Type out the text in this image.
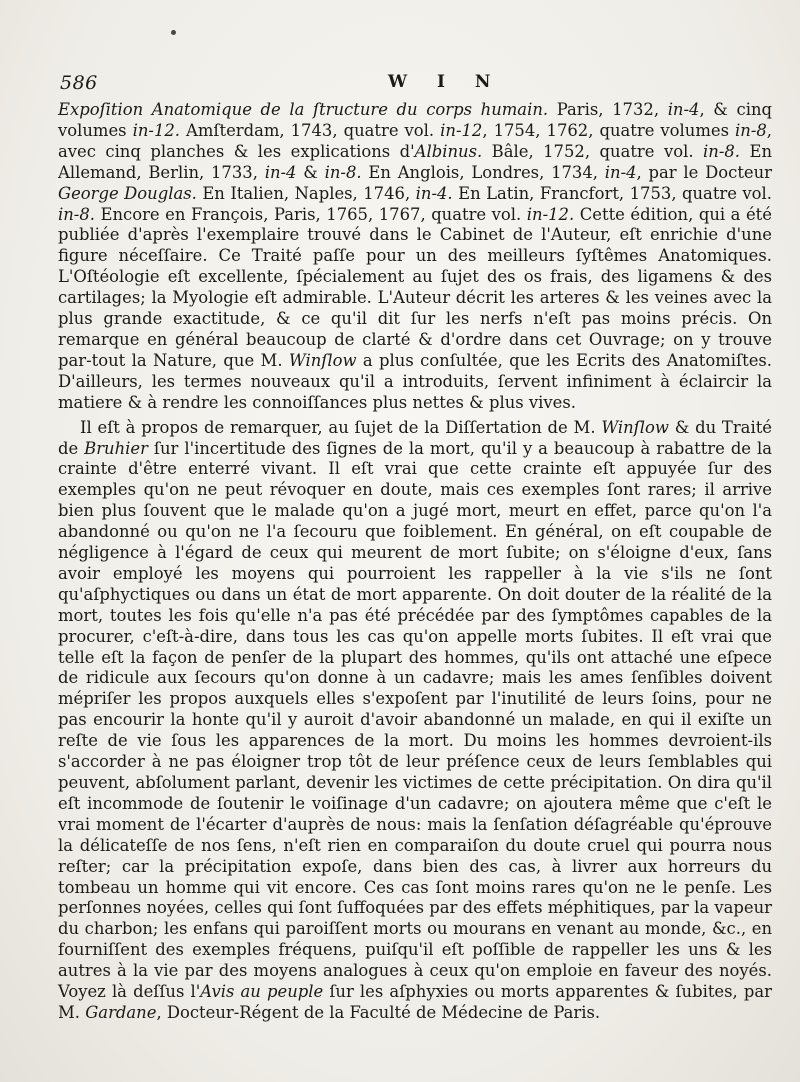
586	W I N

Expoſition Anatomique de la ſtructure du corps humain. Paris, 1732, in-4, & cinq volumes in-12. Amſterdam, 1743, quatre vol. in-12, 1754, 1762, quatre volumes in-8, avec cinq planches & les explications d'Albinus. Bâle, 1752, quatre vol. in-8. En Allemand, Berlin, 1733, in-4 & in-8. En Anglois, Londres, 1734, in-4, par le Docteur George Douglas. En Italien, Naples, 1746, in-4. En Latin, Francfort, 1753, quatre vol. in-8. Encore en François, Paris, 1765, 1767, quatre vol. in-12. Cette édition, qui a été publiée d'après l'exemplaire trouvé dans le Cabinet de l'Auteur, eſt enrichie d'une figure néceſſaire. Ce Traité paſſe pour un des meilleurs ſyſtêmes Anatomiques. L'Oſtéologie eſt excellente, ſpécialement au ſujet des os frais, des ligamens & des cartilages; la Myologie eſt admirable. L'Auteur décrit les arteres & les veines avec la plus grande exactitude, & ce qu'il dit ſur les nerfs n'eſt pas moins précis. On remarque en général beaucoup de clarté & d'ordre dans cet Ouvrage; on y trouve par-tout la Nature, que M. Winſlow a plus conſultée, que les Ecrits des Anatomiſtes. D'ailleurs, les termes nouveaux qu'il a introduits, ſervent infiniment à éclaircir la matiere & à rendre les connoiſſances plus nettes & plus vives.

Il eſt à propos de remarquer, au ſujet de la Diſſertation de M. Winſlow & du Traité de Bruhier ſur l'incertitude des ſignes de la mort, qu'il y a beaucoup à rabattre de la crainte d'être enterré vivant. Il eſt vrai que cette crainte eſt appuyée ſur des exemples qu'on ne peut révoquer en doute, mais ces exemples ſont rares; il arrive bien plus ſouvent que le malade qu'on a jugé mort, meurt en effet, parce qu'on l'a abandonné ou qu'on ne l'a ſecouru que foiblement. En général, on eſt coupable de négligence à l'égard de ceux qui meurent de mort ſubite; on s'éloigne d'eux, ſans avoir employé les moyens qui pourroient les rappeller à la vie s'ils ne ſont qu'aſphyctiques ou dans un état de mort apparente. On doit douter de la réalité de la mort, toutes les fois qu'elle n'a pas été précédée par des ſymptômes capables de la procurer, c'eſt-à-dire, dans tous les cas qu'on appelle morts ſubites. Il eſt vrai que telle eſt la façon de penſer de la plupart des hommes, qu'ils ont attaché une eſpece de ridicule aux ſecours qu'on donne à un cadavre; mais les ames ſenſibles doivent mépriſer les propos auxquels elles s'expoſent par l'inutilité de leurs ſoins, pour ne pas encourir la honte qu'il y auroit d'avoir abandonné un malade, en qui il exiſte un reſte de vie ſous les apparences de la mort. Du moins les hommes devroient-ils s'accorder à ne pas éloigner trop tôt de leur préſence ceux de leurs ſemblables qui peuvent, abſolument parlant, devenir les victimes de cette précipitation. On dira qu'il eſt incommode de ſoutenir le voiſinage d'un cadavre; on ajoutera même que c'eſt le vrai moment de l'écarter d'auprès de nous: mais la ſenſation déſagréable qu'éprouve la délicateſſe de nos ſens, n'eſt rien en comparaiſon du doute cruel qui pourra nous reſter; car la précipitation expoſe, dans bien des cas, à livrer aux horreurs du tombeau un homme qui vit encore. Ces cas ſont moins rares qu'on ne le penſe. Les perſonnes noyées, celles qui ſont ſuffoquées par des effets méphitiques, par la vapeur du charbon; les enfans qui paroiſſent morts ou mourans en venant au monde, &c., en fourniſſent des exemples fréquens, puiſqu'il eſt poſſible de rappeller les uns & les autres à la vie par des moyens analogues à ceux qu'on emploie en faveur des noyés. Voyez là deſſus l'Avis au peuple ſur les aſphyxies ou morts apparentes & ſubites, par M. Gardane, Docteur-Régent de la Faculté de Médecine de Paris.
